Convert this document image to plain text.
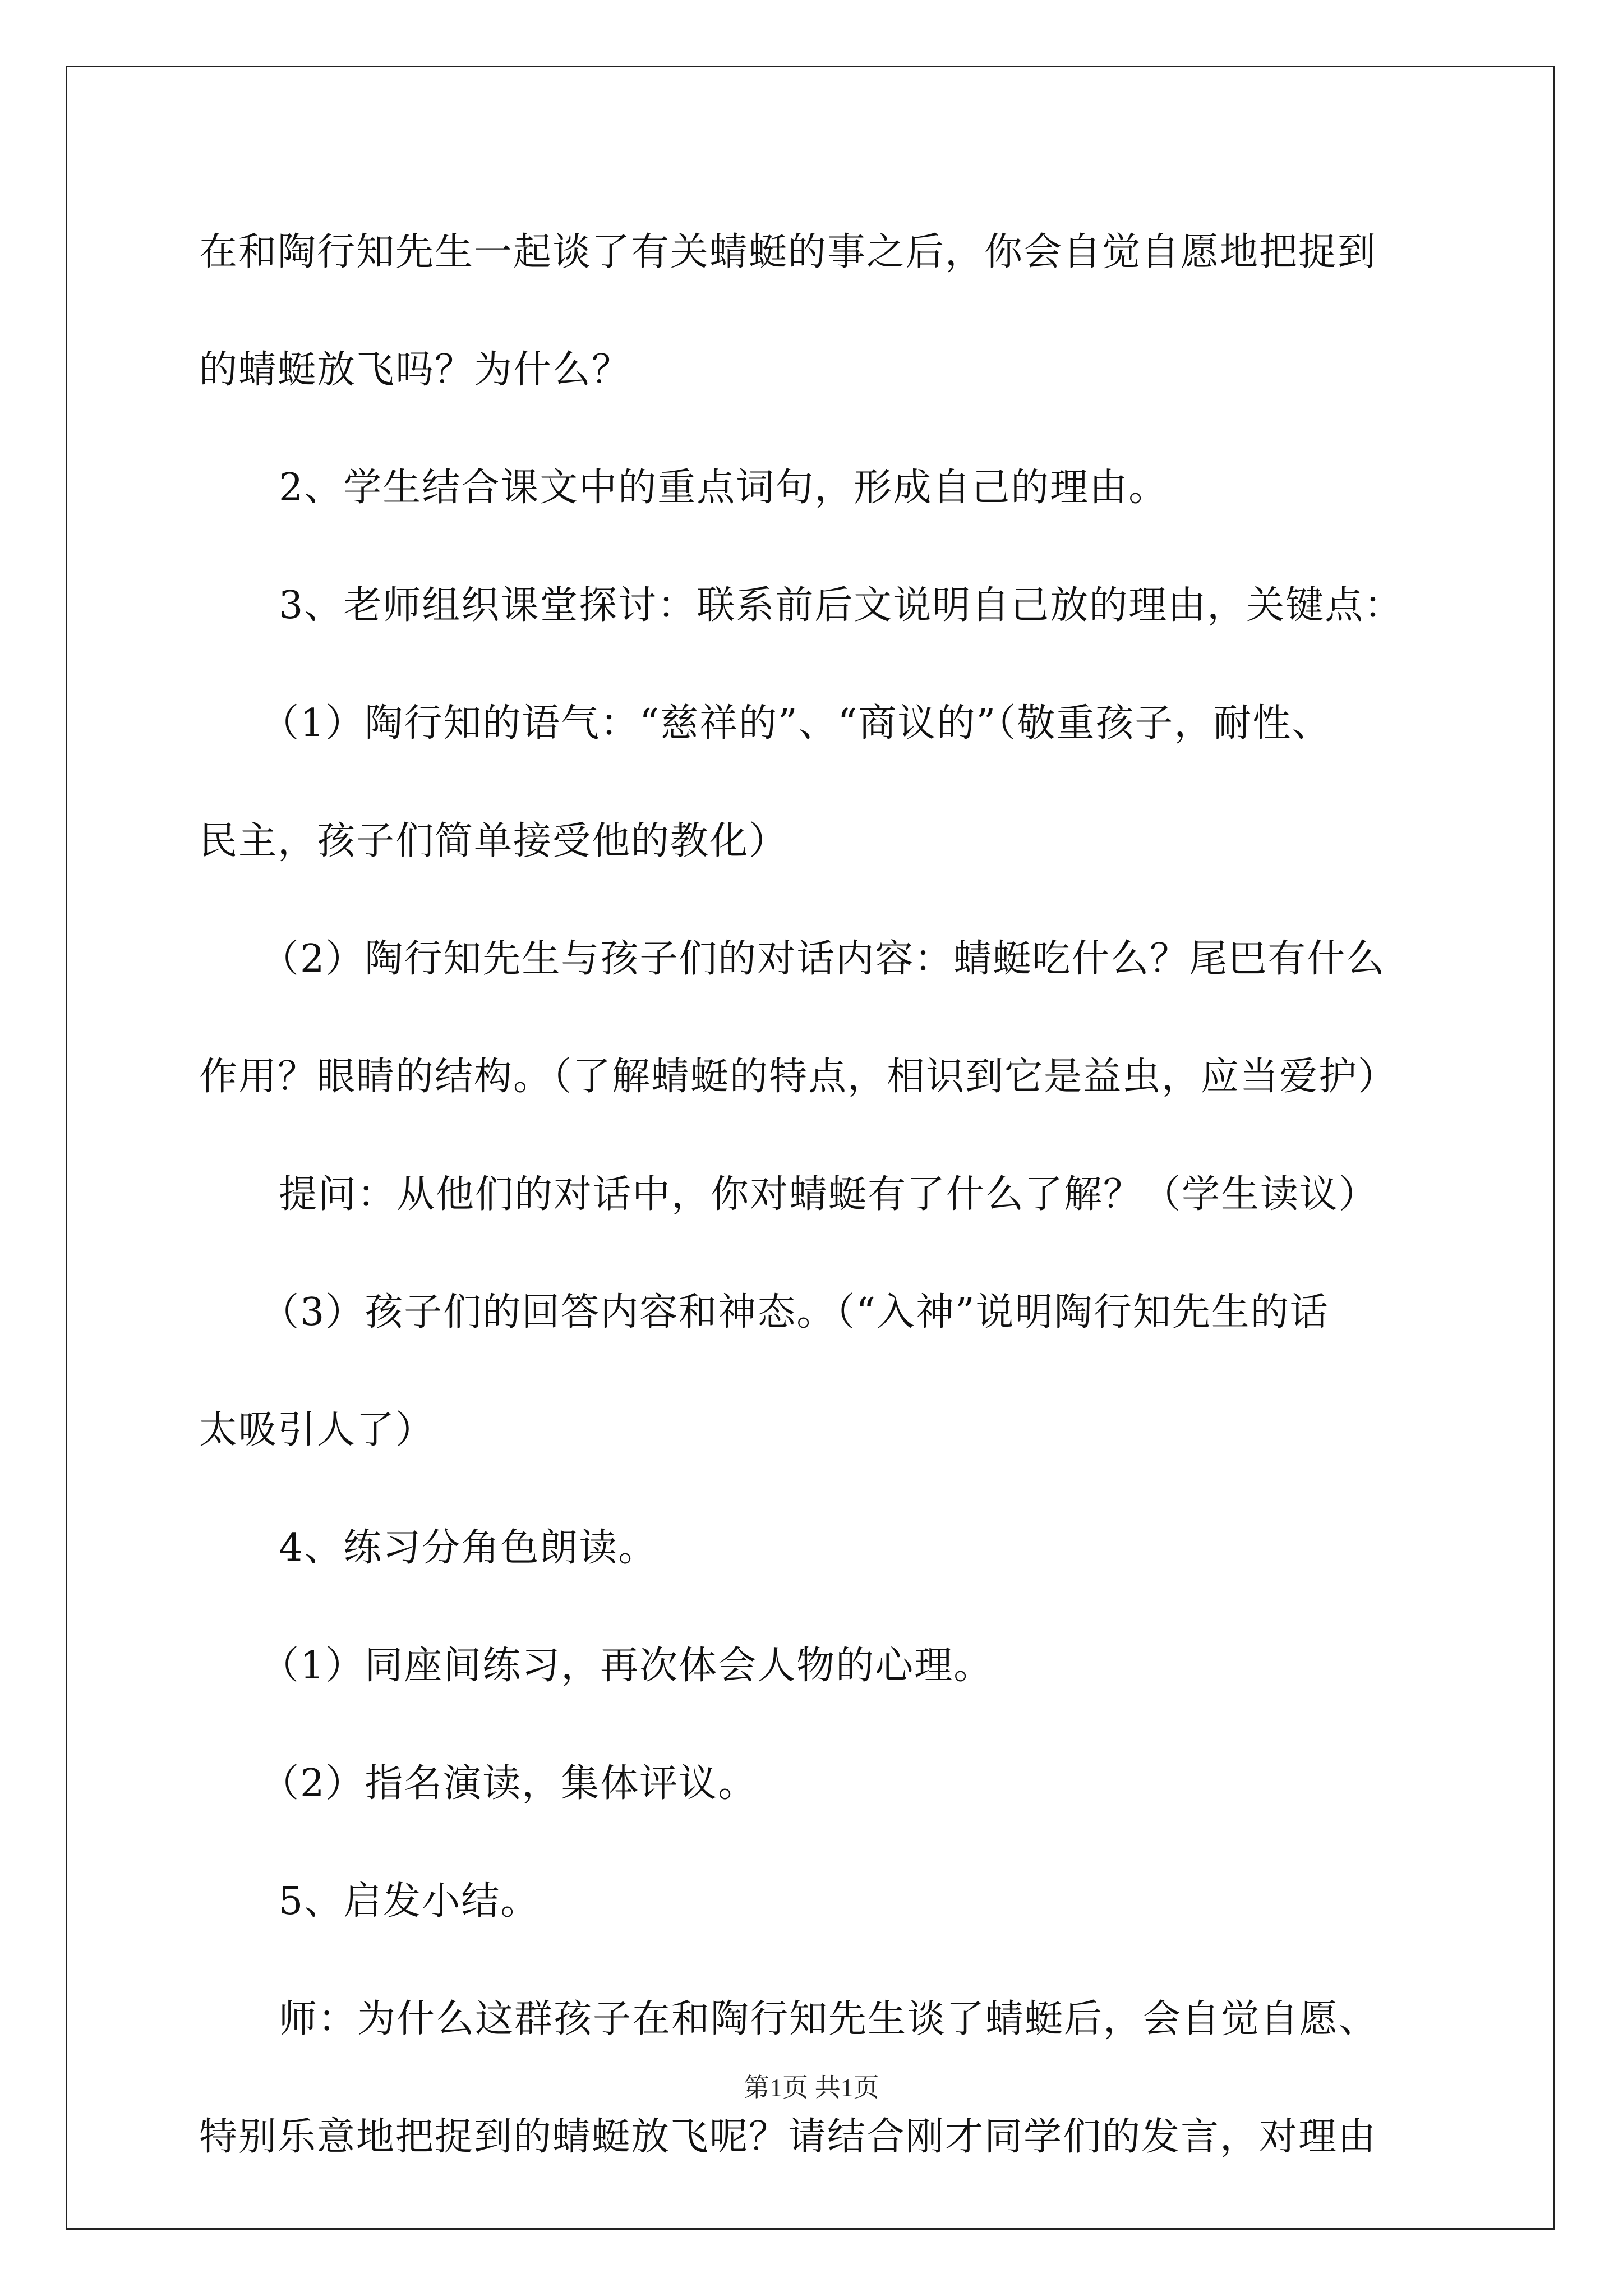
在和陶行知先生一起谈了有关蜻蜓的事之后，你会自觉自愿地把捉到
的蜻蜓放飞吗？为什么？
2、学生结合课文中的重点词句，形成自己的理由。
3、老师组织课堂探讨：联系前后文说明自己放的理由，关键点：
（1）陶行知的语气：“慈祥的”、“商议的”（敬重孩子，耐性、
民主，孩子们简单接受他的教化）
（2）陶行知先生与孩子们的对话内容：蜻蜓吃什么？尾巴有什么
作用？眼睛的结构。（了解蜻蜓的特点，相识到它是益虫，应当爱护）
提问：从他们的对话中，你对蜻蜓有了什么了解？（学生读议）
（3）孩子们的回答内容和神态。（“入神”说明陶行知先生的话
太吸引人了）
4、练习分角色朗读。
（1）同座间练习，再次体会人物的心理。
（2）指名演读，集体评议。
5、启发小结。
师：为什么这群孩子在和陶行知先生谈了蜻蜓后，会自觉自愿、
特别乐意地把捉到的蜻蜓放飞呢？请结合刚才同学们的发言，对理由
第1页 共1页
